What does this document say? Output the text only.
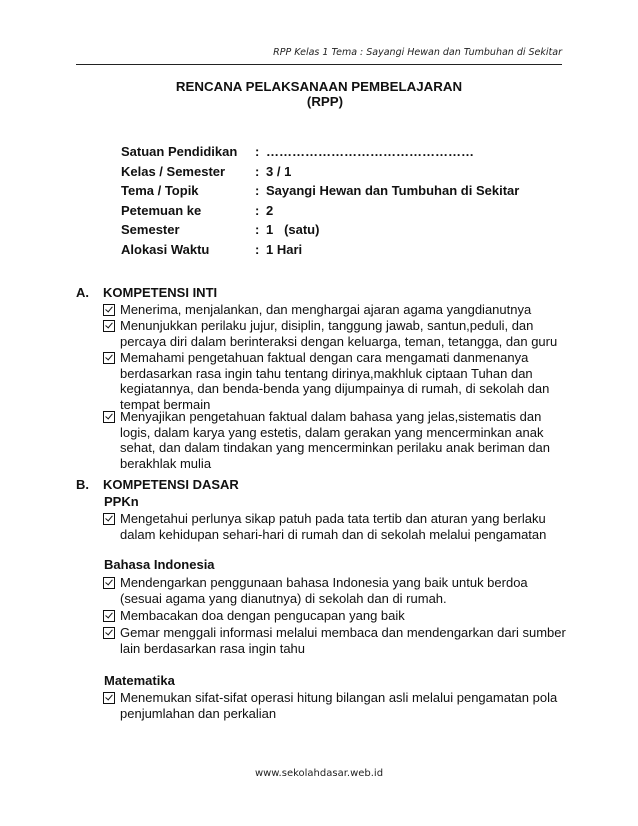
RPP Kelas 1 Tema : Sayangi Hewan dan Tumbuhan di Sekitar
RENCANA PELAKSANAAN PEMBELAJARAN
(RPP)
Satuan Pendidikan : …………………………………………
Kelas / Semester : 3 / 1
Tema / Topik	: Sayangi Hewan dan Tumbuhan di Sekitar
Petemuan ke	: 2
Semester	: 1   (satu)
Alokasi Waktu	: 1 Hari
A. KOMPETENSI INTI
Menerima, menjalankan, dan menghargai ajaran agama yangdianutnya
Menunjukkan perilaku jujur, disiplin, tanggung jawab, santun,peduli, dan percaya diri dalam berinteraksi dengan keluarga, teman, tetangga, dan guru
Memahami pengetahuan faktual dengan cara mengamati danmenanya berdasarkan rasa ingin tahu tentang dirinya,makhluk ciptaan Tuhan dan kegiatannya, dan benda-benda yang dijumpainya di rumah, di sekolah dan tempat bermain
Menyajikan pengetahuan faktual dalam bahasa yang jelas,sistematis dan logis, dalam karya yang estetis, dalam gerakan yang mencerminkan anak sehat, dan dalam tindakan yang mencerminkan perilaku anak beriman dan berakhlak mulia
B. KOMPETENSI DASAR
PPKn
Mengetahui perlunya sikap patuh pada tata tertib dan aturan yang berlaku dalam kehidupan sehari-hari di rumah dan di sekolah melalui pengamatan
Bahasa Indonesia
Mendengarkan penggunaan bahasa Indonesia yang baik untuk berdoa (sesuai agama yang dianutnya) di sekolah dan di rumah.
Membacakan doa dengan pengucapan yang baik
Gemar menggali informasi melalui membaca dan mendengarkan dari sumber lain berdasarkan rasa ingin tahu
Matematika
Menemukan sifat-sifat operasi hitung bilangan asli melalui pengamatan pola penjumlahan dan perkalian
www.sekolahdasar.web.id
